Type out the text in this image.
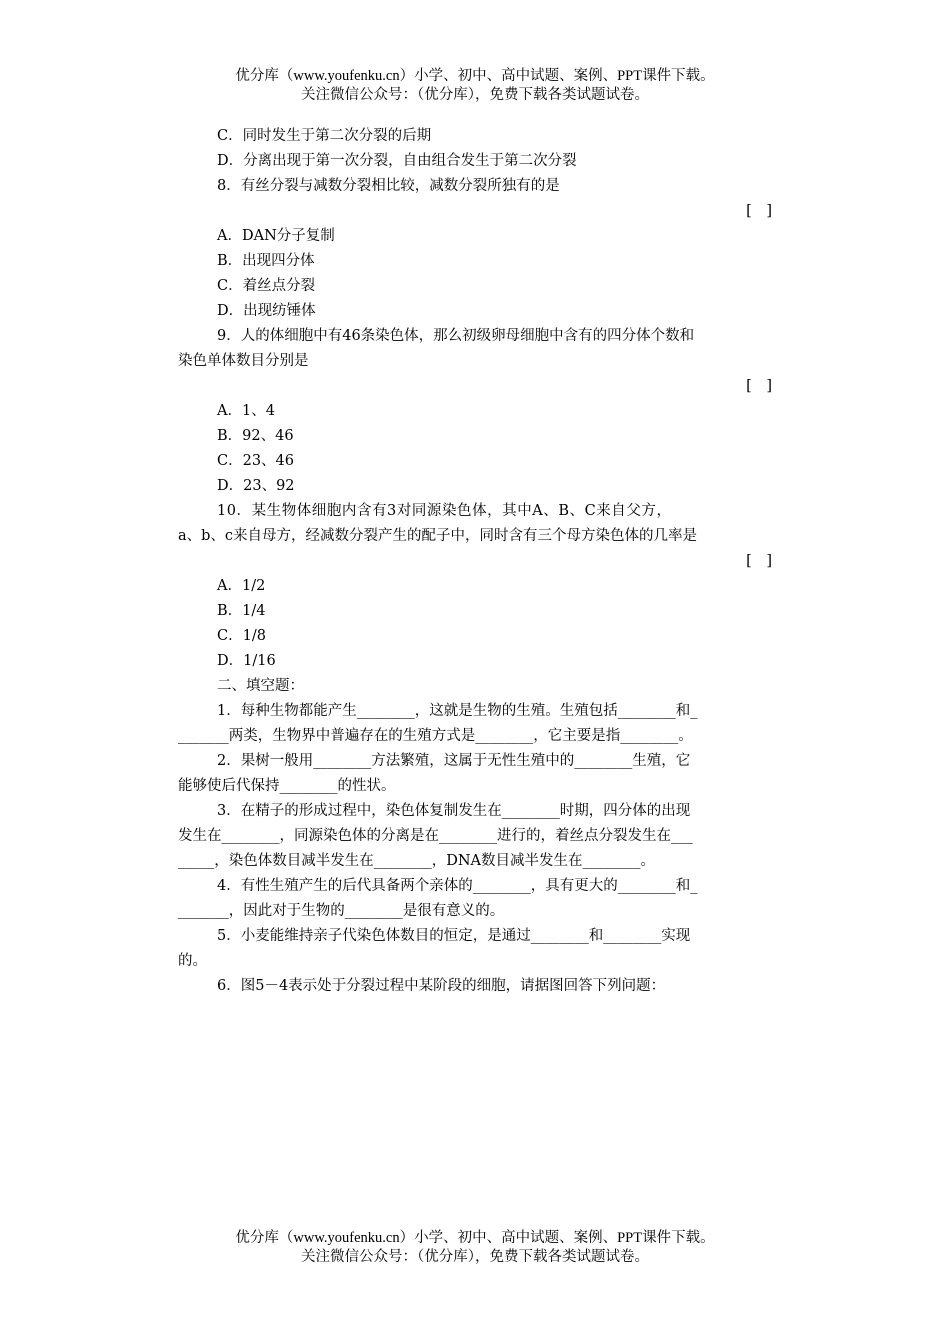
优分库（www.youfenku.cn）小学、初中、高中试题、案例、PPT课件下载。
关注微信公众号：（优分库），免费下载各类试题试卷。
C．同时发生于第二次分裂的后期
D．分离出现于第一次分裂，自由组合发生于第二次分裂
8．有丝分裂与减数分裂相比较，减数分裂所独有的是
[　]
A．DAN分子复制
B．出现四分体
C．着丝点分裂
D．出现纺锤体
9．人的体细胞中有46条染色体，那么初级卵母细胞中含有的四分体个数和
染色单体数目分别是
[　]
A．1、4
B．92、46
C．23、46
D．23、92
10．某生物体细胞内含有3对同源染色体，其中A、B、C来自父方，
a、b、c来自母方，经减数分裂产生的配子中，同时含有三个母方染色体的几率是
[　]
A．1/2
B．1/4
C．1/8
D．1/16
二、填空题：
1．每种生物都能产生________，这就是生物的生殖。生殖包括________和_
_______两类，生物界中普遍存在的生殖方式是________，它主要是指________。
2．果树一般用________方法繁殖，这属于无性生殖中的________生殖，它
能够使后代保持________的性状。
3．在精子的形成过程中，染色体复制发生在________时期，四分体的出现
发生在________，同源染色体的分离是在________进行的，着丝点分裂发生在___
_____，染色体数目减半发生在________，DNA数目减半发生在________。
4．有性生殖产生的后代具备两个亲体的________，具有更大的________和_
_______，因此对于生物的________是很有意义的。
5．小麦能维持亲子代染色体数目的恒定，是通过________和________实现
的。
6．图5－4表示处于分裂过程中某阶段的细胞，请据图回答下列问题：
优分库（www.youfenku.cn）小学、初中、高中试题、案例、PPT课件下载。
关注微信公众号：（优分库），免费下载各类试题试卷。
